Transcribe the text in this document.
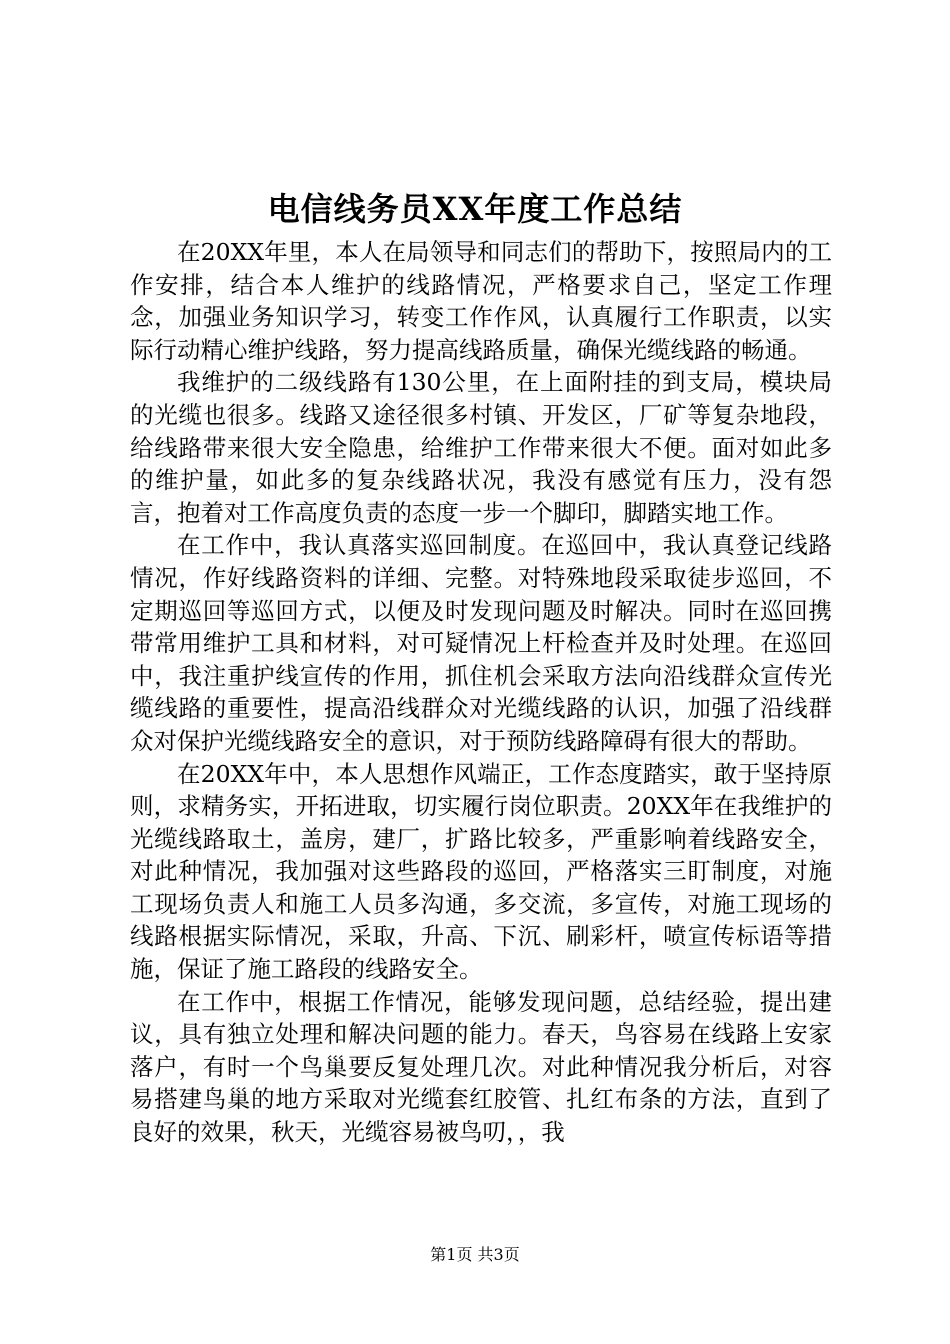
电信线务员XX年度工作总结

在20XX年里，本人在局领导和同志们的帮助下，按照局内的工作安排，结合本人维护的线路情况，严格要求自己，坚定工作理念，加强业务知识学习，转变工作作风，认真履行工作职责，以实际行动精心维护线路，努力提高线路质量，确保光缆线路的畅通。

我维护的二级线路有130公里，在上面附挂的到支局，模块局的光缆也很多。线路又途径很多村镇、开发区，厂矿等复杂地段，给线路带来很大安全隐患，给维护工作带来很大不便。面对如此多的维护量，如此多的复杂线路状况，我没有感觉有压力，没有怨言，抱着对工作高度负责的态度一步一个脚印，脚踏实地工作。

在工作中，我认真落实巡回制度。在巡回中，我认真登记线路情况，作好线路资料的详细、完整。对特殊地段采取徒步巡回，不定期巡回等巡回方式，以便及时发现问题及时解决。同时在巡回携带常用维护工具和材料，对可疑情况上杆检查并及时处理。在巡回中，我注重护线宣传的作用，抓住机会采取方法向沿线群众宣传光缆线路的重要性，提高沿线群众对光缆线路的认识，加强了沿线群众对保护光缆线路安全的意识，对于预防线路障碍有很大的帮助。

在20XX年中，本人思想作风端正，工作态度踏实，敢于坚持原则，求精务实，开拓进取，切实履行岗位职责。20XX年在我维护的光缆线路取土，盖房，建厂，扩路比较多，严重影响着线路安全，对此种情况，我加强对这些路段的巡回，严格落实三盯制度，对施工现场负责人和施工人员多沟通，多交流，多宣传，对施工现场的线路根据实际情况，采取，升高、下沉、刷彩杆，喷宣传标语等措施，保证了施工路段的线路安全。

在工作中，根据工作情况，能够发现问题，总结经验，提出建议，具有独立处理和解决问题的能力。春天，鸟容易在线路上安家落户，有时一个鸟巢要反复处理几次。对此种情况我分析后，对容易搭建鸟巢的地方采取对光缆套红胶管、扎红布条的方法，直到了良好的效果，秋天，光缆容易被鸟叨，，我

第1页 共3页
